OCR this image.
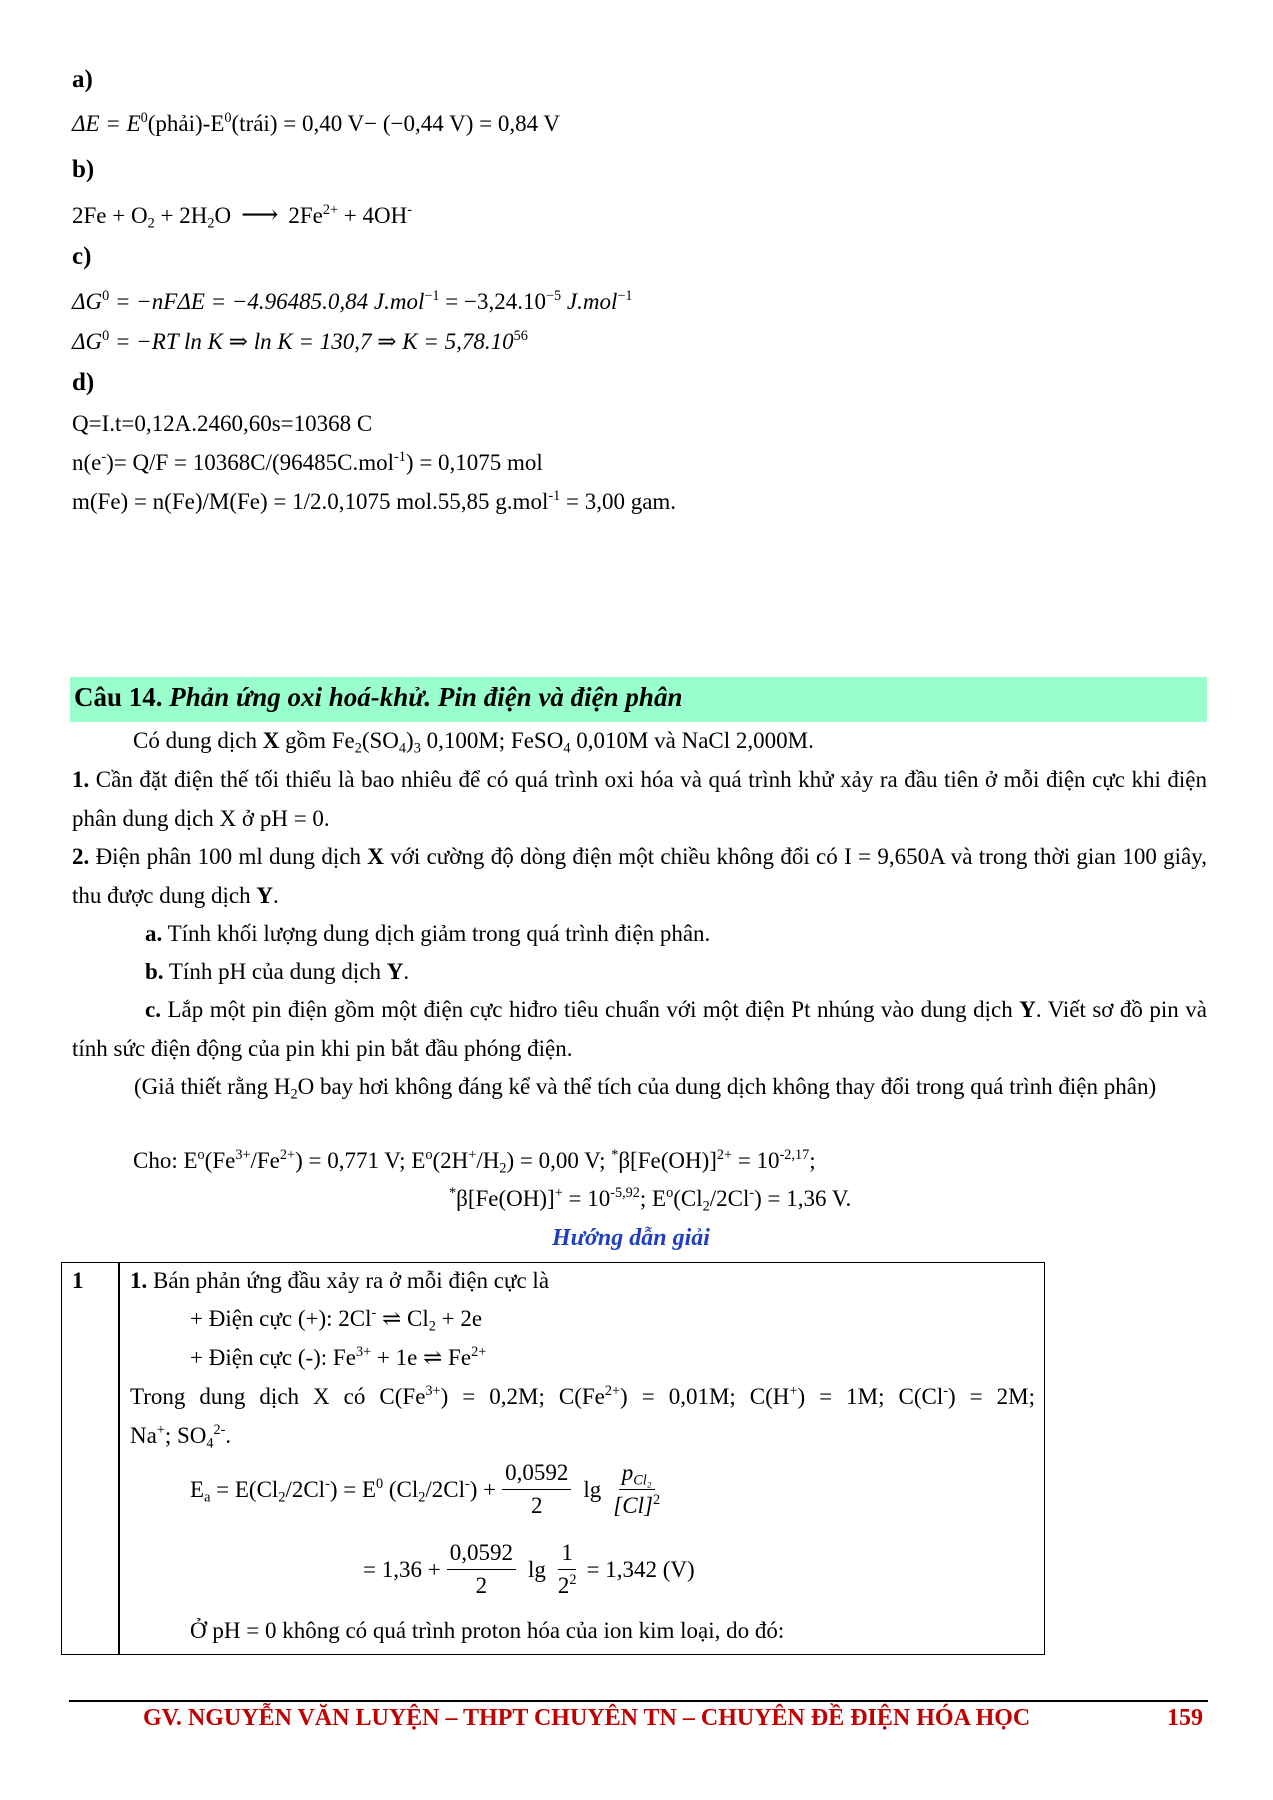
a)
$\Delta E = E^0(phải)-E^0(trái) = 0,40$ V− (−0,44 V) = 0,84 V
b)
$2Fe + O_2 + 2H_2O$ ⟶ $2Fe^{2+} + 4OH^-$
c)
$\Delta G^0 = -nF\Delta E = -4.96485.0,84$ $J.mol^{-1} = -3,24.10^{-5}$ J.mol$^{-1}$
$\Delta G^0 = -RT$ ln K ⇒ ln K = 130,7 ⇒ $K = 5,78.10^{56}$
d)
Q=I.t=0,12A.2460,60s=10368 C
n(e-)= Q/F = 10368C/(96485C.mol$^{-1}$) = 0,1075 mol
m(Fe) = n(Fe)/M(Fe) = 1/2.0,1075 mol.55,85 g.mol$^{-1}$ = 3,00 gam.
Câu 14. Phản ứng oxi hoá-khử. Pin điện và điện phân
Có dung dịch X gồm $Fe_2(SO_4)_3$ 0,100M; FeSO$_4$ 0,010M và NaCl 2,000M.
1. Cần đặt điện thế tối thiểu là bao nhiêu để có quá trình oxi hóa và quá trình khử xảy ra đầu tiên ở mỗi điện cực khi điện phân dung dịch X ở pH = 0.
2. Điện phân 100 ml dung dịch X với cường độ dòng điện một chiều không đổi có I = 9,650A và trong thời gian 100 giây, thu được dung dịch Y.
a. Tính khối lượng dung dịch giảm trong quá trình điện phân.
b. Tính pH của dung dịch Y.
c. Lắp một pin điện gồm một điện cực hiđro tiêu chuẩn với một điện Pt nhúng vào dung dịch Y. Viết sơ đồ pin và tính sức điện động của pin khi pin bắt đầu phóng điện.
(Giả thiết rằng $H_2O$ bay hơi không đáng kể và thể tích của dung dịch không thay đổi trong quá trình điện phân)
Cho: $E^o(Fe^{3+}/Fe^{2+}) = 0,771$ V; $E^o(2H^+/H_2) = 0,00$ V; $^*\beta[Fe(OH)]^{2+} = 10^{-2,17}$;
$^*\beta[Fe(OH)]^+ = 10^{-5,92}$; $E^o(Cl_2/2Cl^-) = 1,36$ V.
Hướng dẫn giải
1 1. Bán phản ứng đầu xảy ra ở mỗi điện cực là
+ Điện cực (+): 2Cl- ⇌ $Cl_2 + 2e$
+ Điện cực (-): $Fe^{3+} + 1e$ ⇌ $Fe^{2+}$
Trong dung dịch X có $C(Fe^{3+}) = 0,2M$; $C(Fe^{2+}) = 0,01M$; C(H+) = 1M; C(Cl-) = 2M;
Na+; $SO_4^{2-}$.
$E_a = E(Cl_2/2Cl^-) = E^0$ $(Cl_2/2Cl^-) + \frac{0,0592}{2}$ $\lg \frac{p_{Cl_2}}{[Cl]^2}$
= $1,36 + \frac{0,0592}{2}$ $\lg \frac{1}{2^2} = 1,342$ (V)
Ở pH = 0 không có quá trình proton hóa của ion kim loại, do đó:
GV. NGUYỄN VĂN LUYỆN – THPT CHUYÊN TN – CHUYÊN ĐỀ ĐIỆN HÓA HỌC	159
